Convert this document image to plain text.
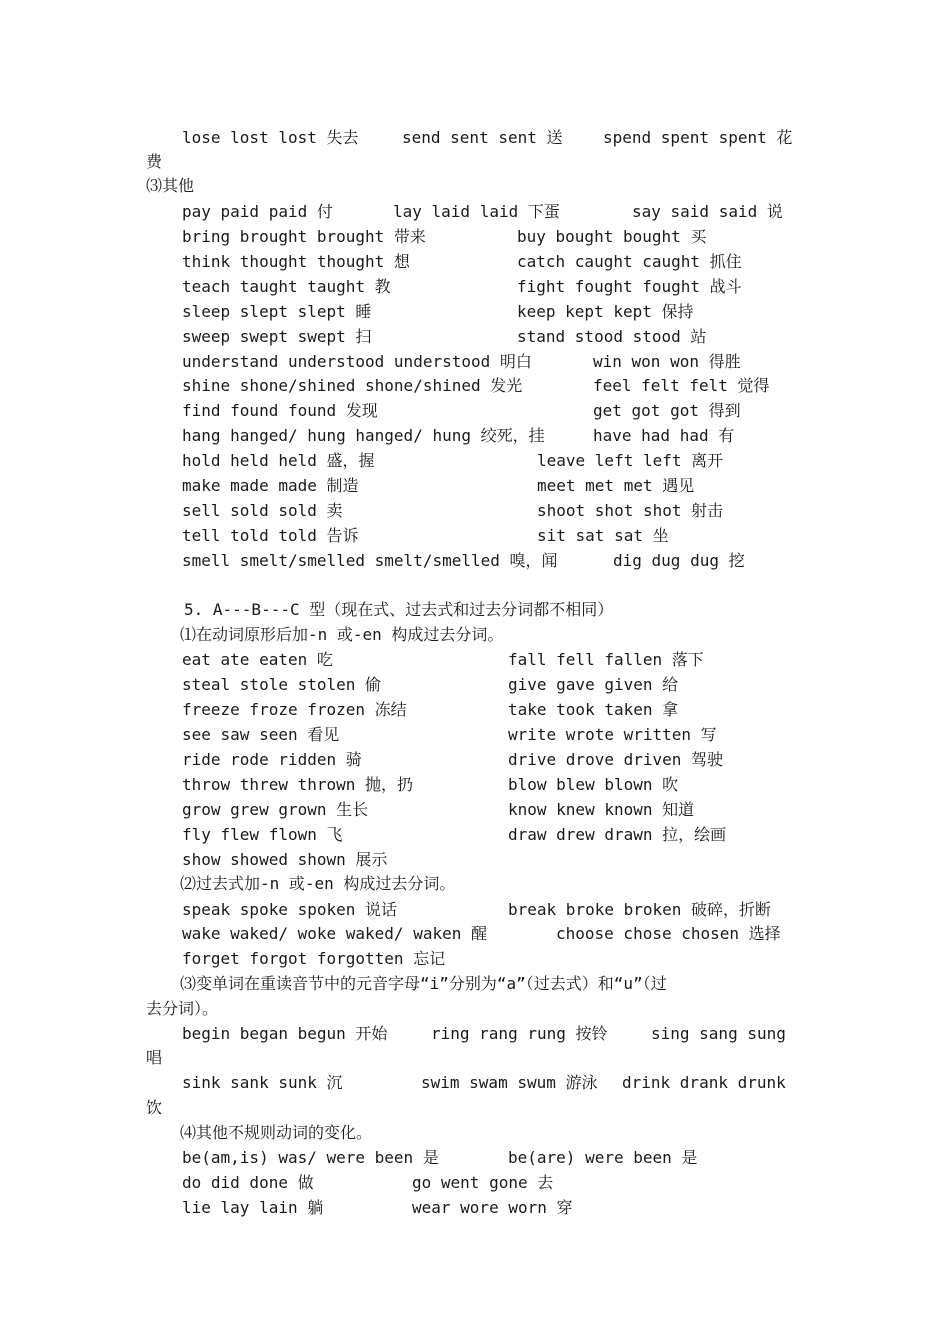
lose lost lost 失去	send sent sent 送	spend spent spent 花
费
⑶其他
pay paid paid 付	lay laid laid 下蛋	say said said 说
bring brought brought 带来	buy bought bought 买
think thought thought 想	catch caught caught 抓住
teach taught taught 教	fight fought fought 战斗
sleep slept slept 睡	keep kept kept 保持
sweep swept swept 扫	stand stood stood 站
understand understood understood 明白	win won won 得胜
shine shone/shined shone/shined 发光	feel felt felt 觉得
find found found 发现	get got got 得到
hang hanged/ hung hanged/ hung 绞死，挂	have had had 有
hold held held 盛，握	leave left left 离开
make made made 制造	meet met met 遇见
sell sold sold 卖	shoot shot shot 射击
tell told told 告诉	sit sat sat 坐
smell smelt/smelled smelt/smelled 嗅，闻	dig dug dug 挖
5. A---B---C 型（现在式、过去式和过去分词都不相同）
⑴在动词原形后加-n 或-en 构成过去分词。
eat ate eaten 吃	fall fell fallen 落下
steal stole stolen 偷	give gave given 给
freeze froze frozen 冻结	take took taken 拿
see saw seen 看见	write wrote written 写
ride rode ridden 骑	drive drove driven 驾驶
throw threw thrown 抛，扔	blow blew blown 吹
grow grew grown 生长	know knew known 知道
fly flew flown 飞	draw drew drawn 拉，绘画
show showed shown 展示
⑵过去式加-n 或-en 构成过去分词。
speak spoke spoken 说话	break broke broken 破碎，折断
wake waked/ woke waked/ waken 醒	choose chose chosen 选择
forget forgot forgotten 忘记
⑶变单词在重读音节中的元音字母“i”分别为“a”（过去式）和“u”（过
去分词）。
begin began begun 开始	ring rang rung 按铃	sing sang sung
唱
sink sank sunk 沉	swim swam swum 游泳 drink drank drunk
饮
⑷其他不规则动词的变化。
be(am,is) was/ were been 是	be(are) were been 是
do did done 做	go went gone 去
lie lay lain 躺	wear wore worn 穿
